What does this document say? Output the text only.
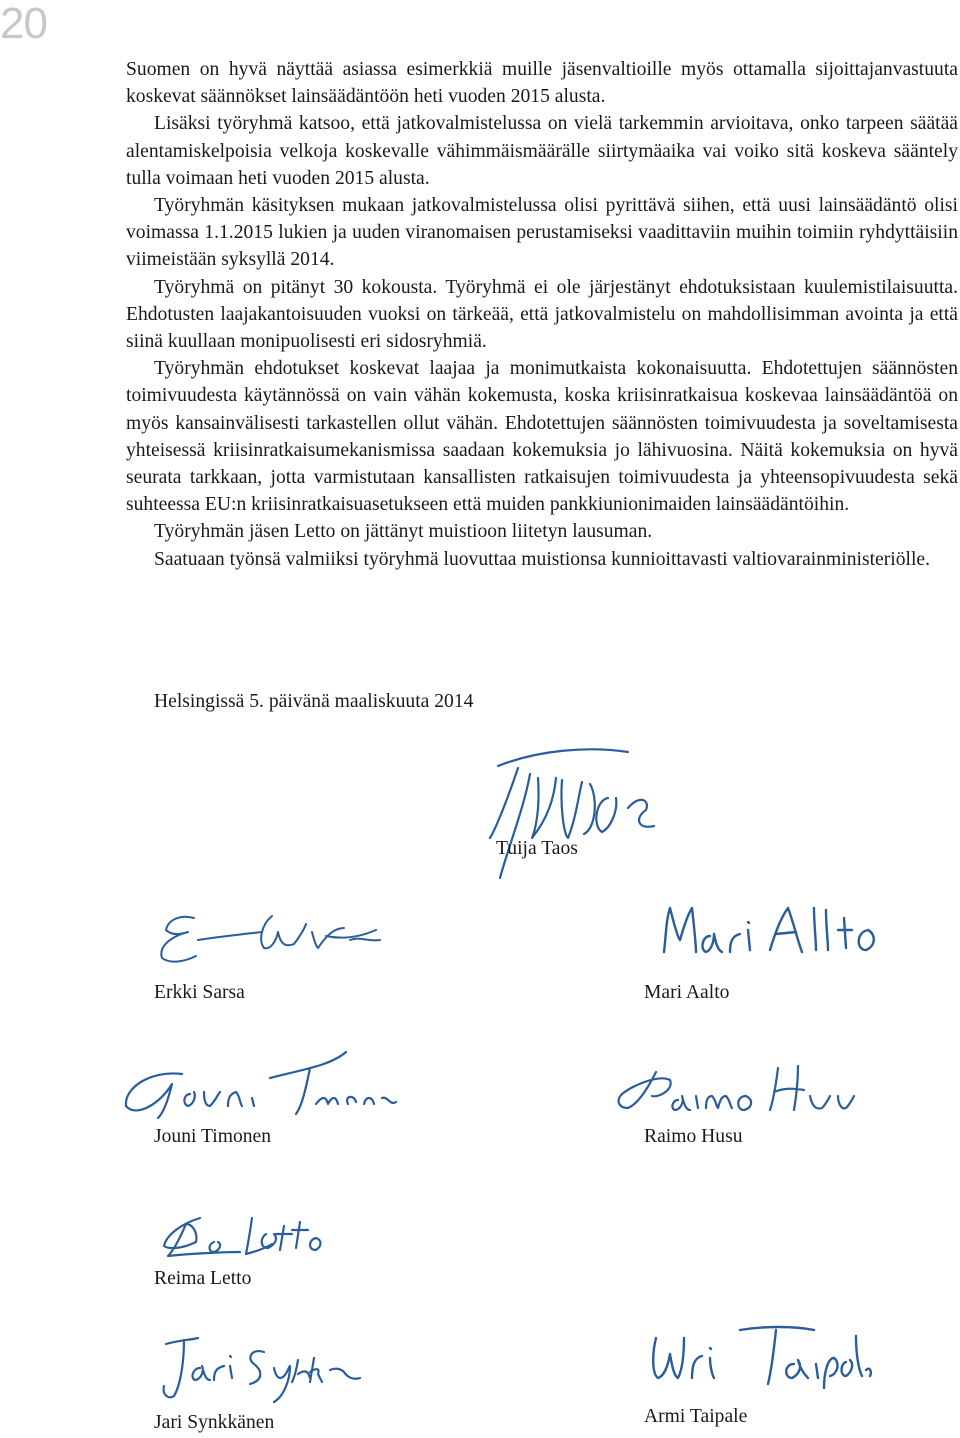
20

Suomen on hyvä näyttää asiassa esimerkkiä muille jäsenvaltioille myös ottamalla sijoittajanvastuuta koskevat säännökset lainsäädäntöön heti vuoden 2015 alusta.

Lisäksi työryhmä katsoo, että jatkovalmistelussa on vielä tarkemmin arvioitava, onko tarpeen säätää alentamiskelpoisia velkoja koskevalle vähimmäismäärälle siirtymäaika vai voiko sitä koskeva sääntely tulla voimaan heti vuoden 2015 alusta.

Työryhmän käsityksen mukaan jatkovalmistelussa olisi pyrittävä siihen, että uusi lainsäädäntö olisi voimassa 1.1.2015 lukien ja uuden viranomaisen perustamiseksi vaadittaviin muihin toimiin ryhdyttäisiin viimeistään syksyllä 2014.

Työryhmä on pitänyt 30 kokousta. Työryhmä ei ole järjestänyt ehdotuksistaan kuulemistilaisuutta. Ehdotusten laajakantoisuuden vuoksi on tärkeää, että jatkovalmistelu on mahdollisimman avointa ja että siinä kuullaan monipuolisesti eri sidosryhmiä.

Työryhmän ehdotukset koskevat laajaa ja monimutkaista kokonaisuutta. Ehdotettujen säännösten toimivuudesta käytännössä on vain vähän kokemusta, koska kriisinratkaisua koskevaa lainsäädäntöä on myös kansainvälisesti tarkastellen ollut vähän. Ehdotettujen säännösten toimivuudesta ja soveltamisesta yhteisessä kriisinratkaisumekanismissa saadaan kokemuksia jo lähivuosina. Näitä kokemuksia on hyvä seurata tarkkaan, jotta varmistutaan kansallisten ratkaisujen toimivuudesta ja yhteensopivuudesta sekä suhteessa EU:n kriisinratkaisuasetukseen että muiden pankkiunionimaiden lainsäädäntöihin.

Työryhmän jäsen Letto on jättänyt muistioon liitetyn lausuman.

Saatuaan työnsä valmiiksi työryhmä luovuttaa muistionsa kunnioittavasti valtiovarainministeriölle.

Helsingissä 5. päivänä maaliskuuta 2014
Tuija Taos
Erkki Sarsa	Mari Aalto
Jouni Timonen	Raimo Husu
Reima Letto
Jari Synkkänen	Armi Taipale
